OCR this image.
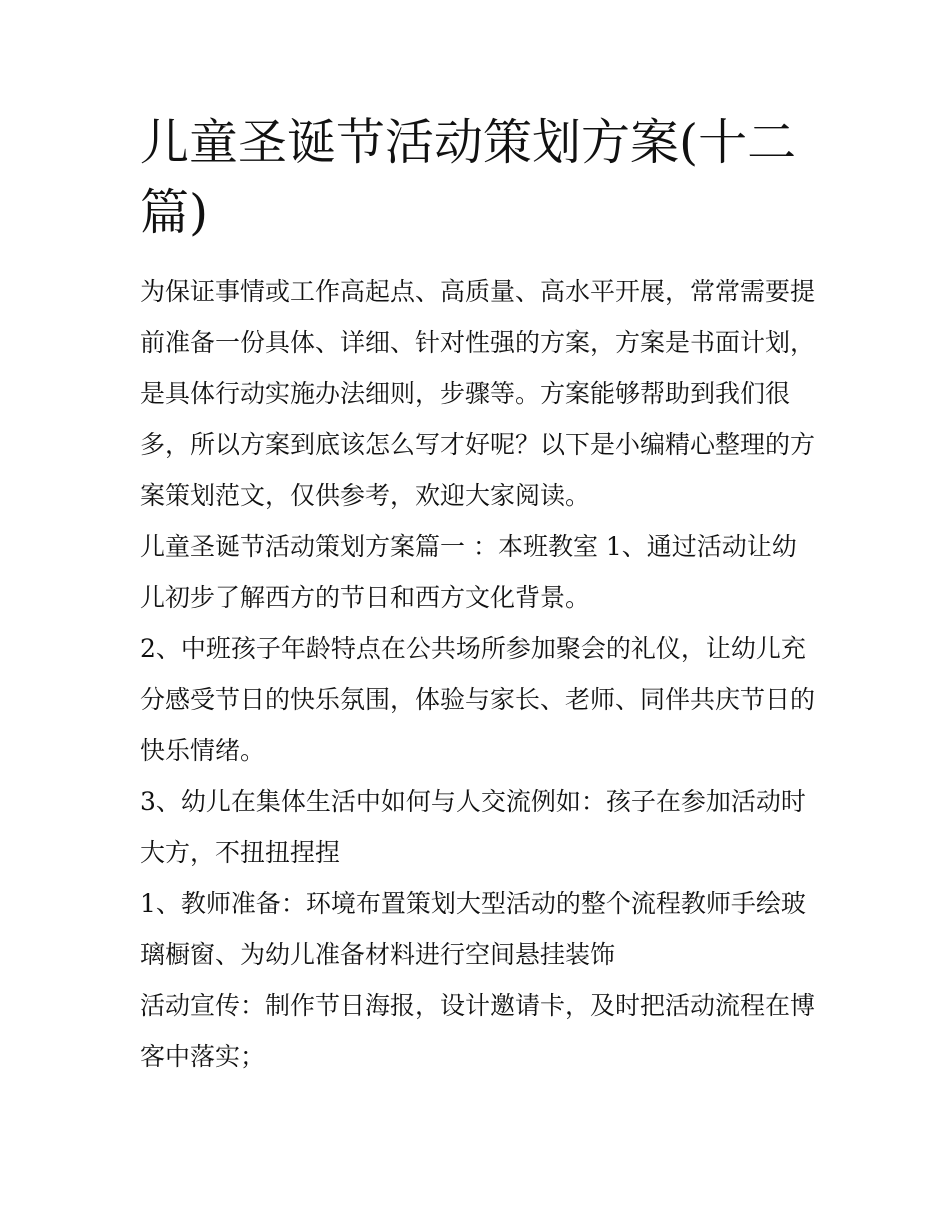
儿童圣诞节活动策划方案(十二篇)

为保证事情或工作高起点、高质量、高水平开展，常常需要提前准备一份具体、详细、针对性强的方案，方案是书面计划，是具体行动实施办法细则，步骤等。方案能够帮助到我们很多，所以方案到底该怎么写才好呢？以下是小编精心整理的方案策划范文，仅供参考，欢迎大家阅读。

儿童圣诞节活动策划方案篇一 ：本班教室 1、通过活动让幼儿初步了解西方的节日和西方文化背景。

2、中班孩子年龄特点在公共场所参加聚会的礼仪，让幼儿充分感受节日的快乐氛围，体验与家长、老师、同伴共庆节日的快乐情绪。

3、幼儿在集体生活中如何与人交流例如：孩子在参加活动时大方，不扭扭捏捏

1、教师准备：环境布置策划大型活动的整个流程教师手绘玻璃橱窗、为幼儿准备材料进行空间悬挂装饰

活动宣传：制作节日海报，设计邀请卡，及时把活动流程在博客中落实；
